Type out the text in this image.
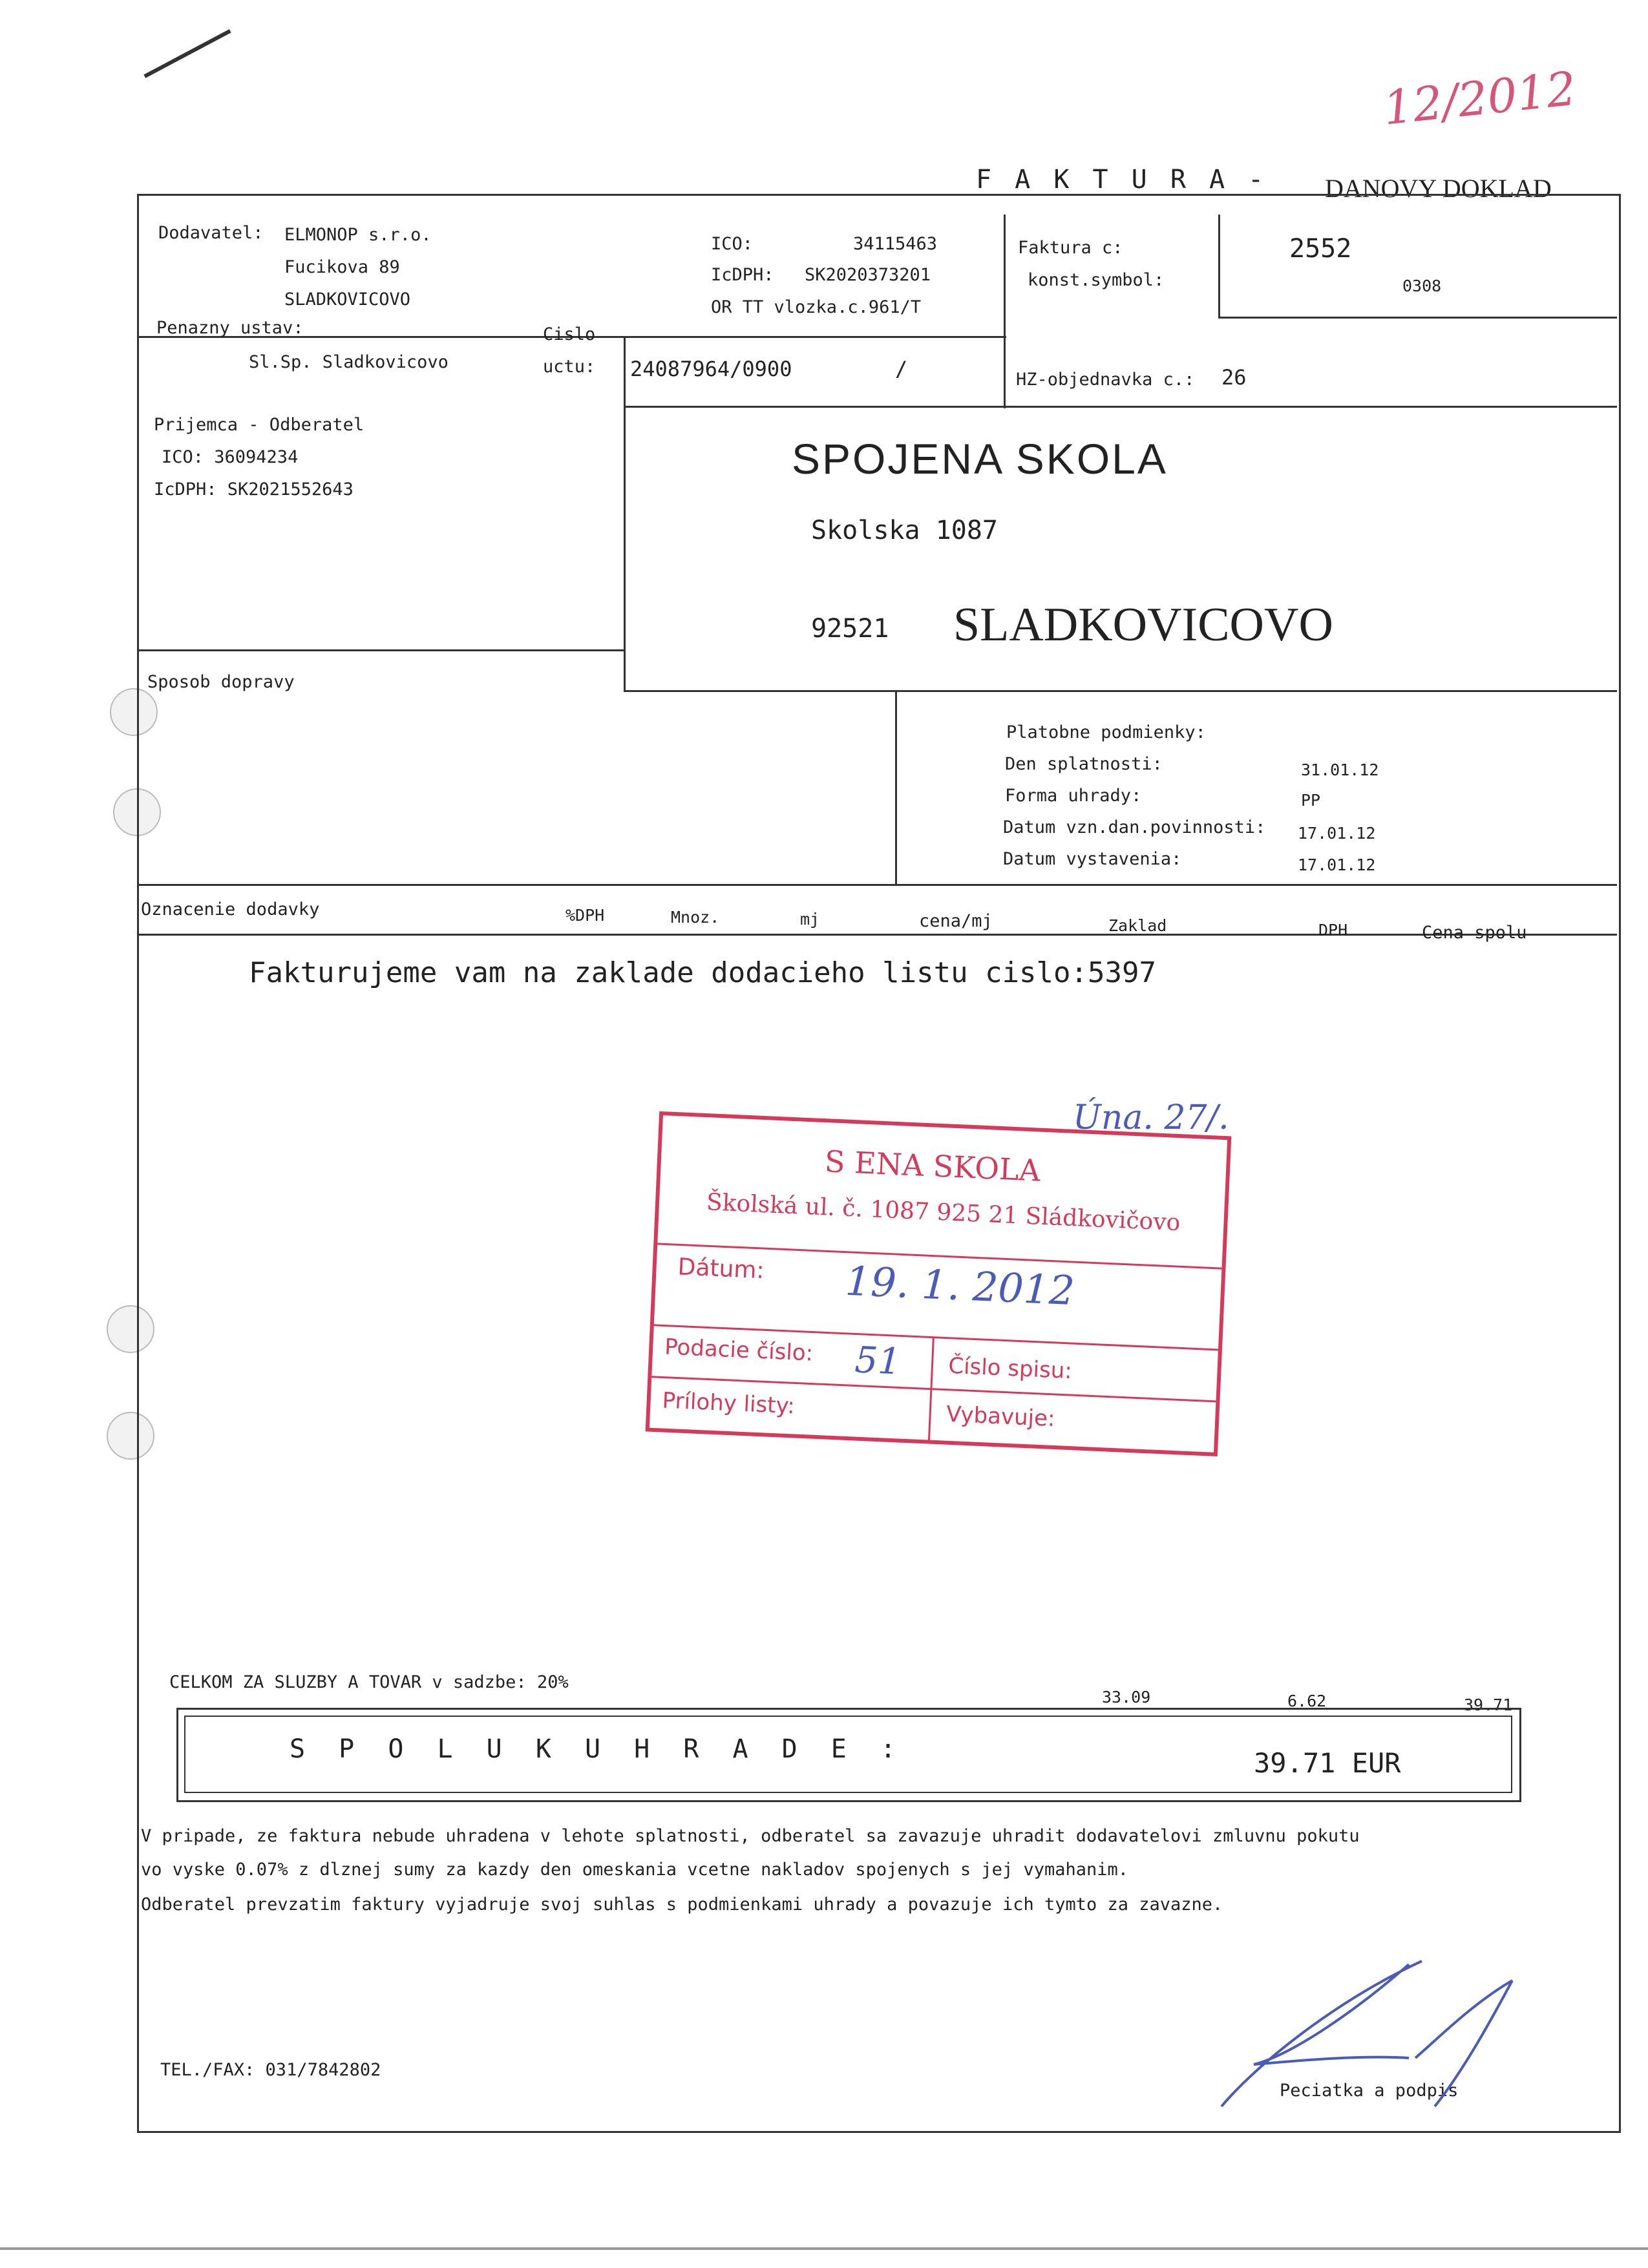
12/2012
F A K T U R A - DANOVY DOKLAD
Dodavatel: ELMONOP s.r.o.
Fucikova 89
SLADKOVICOVO
Penazny ustav:
Sl.Sp. Sladkovicovo
Cislo
uctu: 24087964/0900	/
ICO:	34115463
IcDPH: SK2020373201
OR TT vlozka.c.961/T
Faktura c:	2552
konst.symbol:	0308
HZ-objednavka c.: 26
Prijemca - Odberatel
ICO: 36094234
IcDPH: SK2021552643
SPOJENA SKOLA
Skolska 1087
92521 SLADKOVICOVO
Sposob dopravy
Platobne podmienky:
Den splatnosti:	31.01.12
Forma uhrady:	PP
Datum vzn.dan.povinnosti: 17.01.12
Datum vystavenia:	17.01.12
Oznacenie dodavky	%DPH	Mnoz.	mj	cena/mj	Zaklad	DPH	Cena spolu
Fakturujeme vam na zaklade dodacieho listu cislo:5397
Úna. 27/.
S ENA SKOLA
Školská ul. č. 1087 925 21 Sládkovičovo
Dátum: 19. 1. 2012
Podacie číslo: 51 Číslo spisu:
Prílohy listy:	Vybavuje:
CELKOM ZA SLUZBY A TOVAR v sadzbe: 20%
33.09	6.62	39.71
S P O L U K U H R A D E :	39.71 EUR
V pripade, ze faktura nebude uhradena v lehote splatnosti, odberatel sa zavazuje uhradit dodavatelovi zmluvnu pokutu
vo vyske 0.07% z dlznej sumy za kazdy den omeskania vcetne nakladov spojenych s jej vymahanim.
Odberatel prevzatim faktury vyjadruje svoj suhlas s podmienkami uhrady a povazuje ich tymto za zavazne.
TEL./FAX: 031/7842802
Peciatka a podpis
